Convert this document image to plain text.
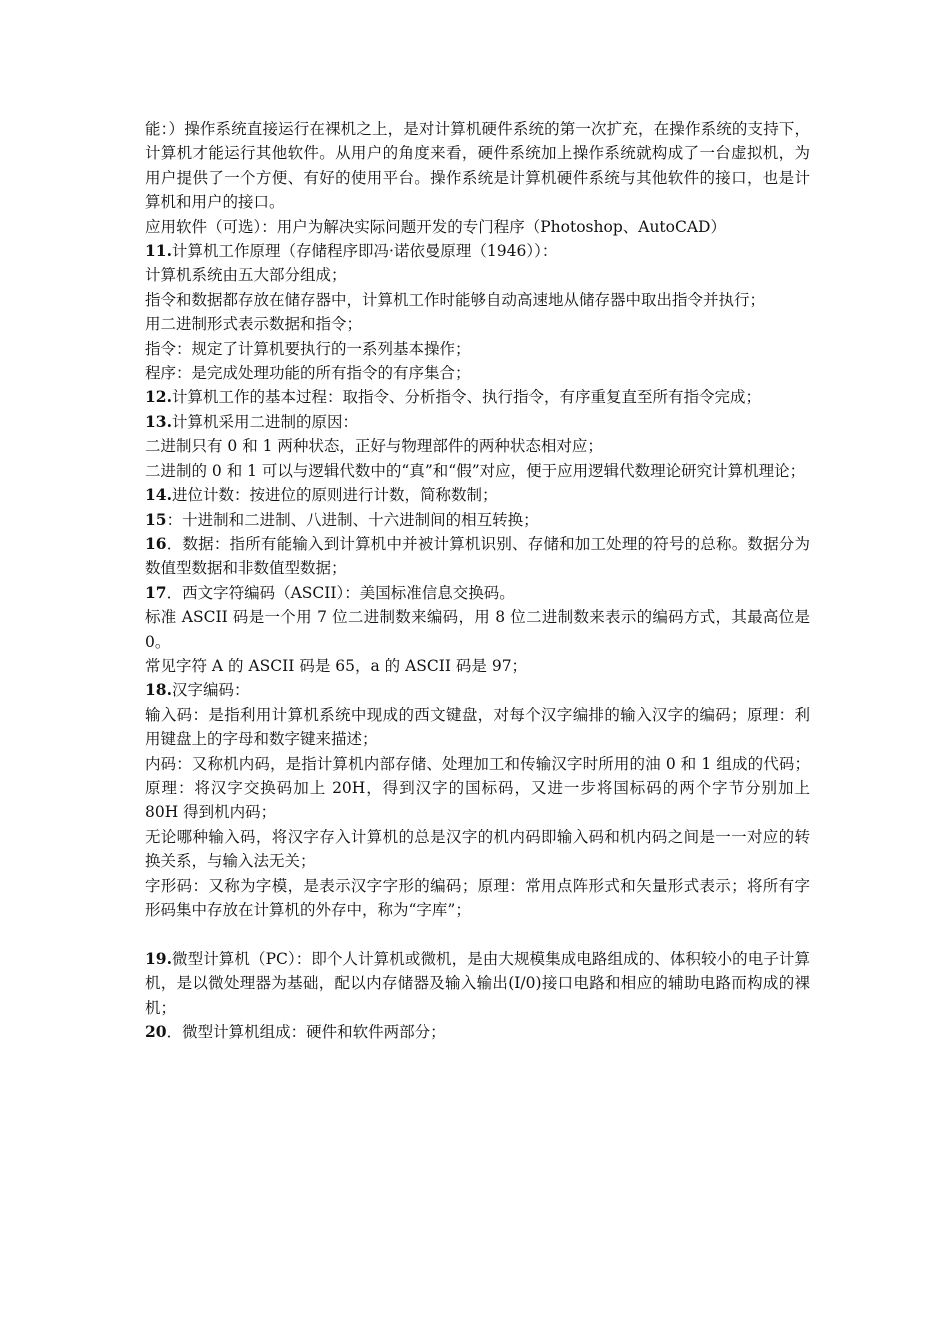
能：）操作系统直接运行在裸机之上，是对计算机硬件系统的第一次扩充，在操作系统的支持下，计算机才能运行其他软件。从用户的角度来看，硬件系统加上操作系统就构成了一台虚拟机，为用户提供了一个方便、有好的使用平台。操作系统是计算机硬件系统与其他软件的接口，也是计算机和用户的接口。

应用软件（可选）：用户为解决实际问题开发的专门程序（Photoshop、AutoCAD）

11.计算机工作原理（存储程序即冯·诺依曼原理（1946））：

计算机系统由五大部分组成；

指令和数据都存放在储存器中，计算机工作时能够自动高速地从储存器中取出指令并执行；

用二进制形式表示数据和指令；

指令：规定了计算机要执行的一系列基本操作；

程序：是完成处理功能的所有指令的有序集合；

12.计算机工作的基本过程：取指令、分析指令、执行指令，有序重复直至所有指令完成；

13.计算机采用二进制的原因：

二进制只有 0 和 1 两种状态，正好与物理部件的两种状态相对应；

二进制的 0 和 1 可以与逻辑代数中的“真”和“假”对应，便于应用逻辑代数理论研究计算机理论；

14.进位计数：按进位的原则进行计数，简称数制；

15：十进制和二进制、八进制、十六进制间的相互转换；

16．数据：指所有能输入到计算机中并被计算机识别、存储和加工处理的符号的总称。数据分为数值型数据和非数值型数据；

17．西文字符编码（ASCII）：美国标准信息交换码。

标准 ASCII 码是一个用 7 位二进制数来编码，用 8 位二进制数来表示的编码方式，其最高位是 0。

常见字符 A 的 ASCII 码是 65，a 的 ASCII 码是 97；

18.汉字编码：

输入码：是指利用计算机系统中现成的西文键盘，对每个汉字编排的输入汉字的编码；原理：利用键盘上的字母和数字键来描述；

内码：又称机内码，是指计算机内部存储、处理加工和传输汉字时所用的油 0 和 1 组成的代码；原理：将汉字交换码加上 20H，得到汉字的国标码，又进一步将国标码的两个字节分别加上 80H 得到机内码；

无论哪种输入码，将汉字存入计算机的总是汉字的机内码即输入码和机内码之间是一一对应的转换关系，与输入法无关；

字形码：又称为字模，是表示汉字字形的编码；原理：常用点阵形式和矢量形式表示；将所有字形码集中存放在计算机的外存中，称为“字库”；

19.微型计算机（PC）：即个人计算机或微机，是由大规模集成电路组成的、体积较小的电子计算机，是以微处理器为基础，配以内存储器及输入输出(I/0)接口电路和相应的辅助电路而构成的裸机；

20．微型计算机组成：硬件和软件两部分；
